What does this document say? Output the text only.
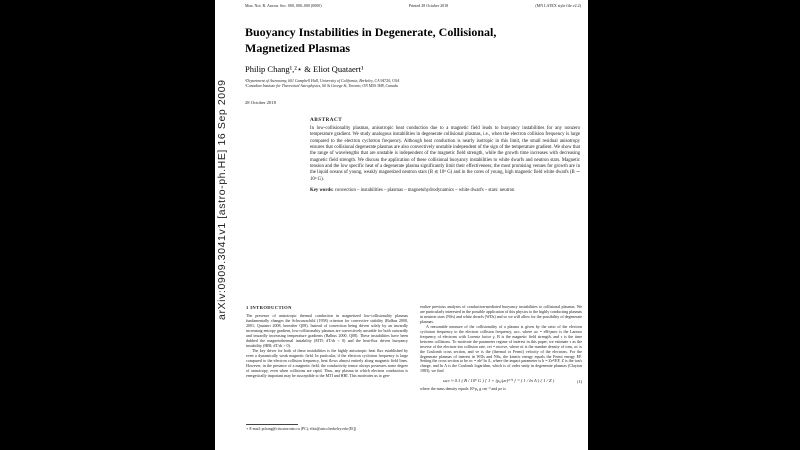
arXiv:0909.3041v1 [astro-ph.HE] 16 Sep 2009
Mon. Not. R. Astron. Soc. 000, 000–000 (0000)	Printed 28 October 2018	(MN LATEX style file v2.2)
Buoyancy Instabilities in Degenerate, Collisional,
Magnetized Plasmas
Philip Chang¹,²⋆ & Eliot Quataert¹
¹Department of Astronomy, 601 Campbell Hall, University of California, Berkeley, CA 94720, USA
²Canadian Institute for Theoretical Astrophysics, 60 St George St, Toronto, ON M5S 3H8, Canada
28 October 2018
ABSTRACT
In low-collisionality plasmas, anisotropic heat conduction due to a magnetic field leads to buoyancy instabilities for any nonzero temperature gradient. We study analogous instabilities in degenerate collisional plasmas, i.e., when the electron collision frequency is large compared to the electron cyclotron frequency. Although heat conduction is nearly isotropic in this limit, the small residual anisotropy ensures that collisional degenerate plasmas are also convectively unstable independent of the sign of the temperature gradient. We show that the range of wavelengths that are unstable is independent of the magnetic field strength, while the growth time increases with decreasing magnetic field strength. We discuss the application of these collisional buoyancy instabilities to white dwarfs and neutron stars. Magnetic tension and the low specific heat of a degenerate plasma significantly limit their effectiveness; the most promising venues for growth are in the liquid oceans of young, weakly magnetized neutron stars (B ≲ 10⁹ G) and in the cores of young, high magnetic field white dwarfs (B ∼ 10⁹ G).
Key words: convection – instabilities – plasmas – magnetohydrodynamics – white dwarfs – stars: neutron
1 INTRODUCTION

The presence of anisotropic thermal conduction in magnetized low-collisionality plasmas fundamentally changes the Schwarzschild (1958) criterion for convective stability (Balbus 2000, 2001; Quataert 2008, hereafter Q08). Instead of convection being driven solely by an inwardly increasing entropy gradient, low-collisionality plasmas are convectively unstable for both outwardly and inwardly increasing temperature gradients (Balbus 2000, Q08). These instabilities have been dubbed the magnetothermal instability (MTI; dT/dr < 0) and the heat-flux driven buoyancy instability (HBI; dT/dr > 0).

The key driver for both of these instabilities is the highly anisotropic heat flux established by even a dynamically weak magnetic field. In particular, if the electron cyclotron frequency is large compared to the electron collision frequency, heat flows almost entirely along magnetic field lines. However, in the presence of a magnetic field, the conductivity tensor always possesses some degree of anisotropy, even when collisions are rapid. Thus, any plasma in which electron conduction is energetically important may be susceptible to the MTI and HBI. This motivates us to gen-

eralize previous analyses of conduction-mediated buoyancy instabilities to collisional plasmas. We are particularly interested in the possible application of this physics to the highly conducting plasmas in neutron stars (NSs) and white dwarfs (WDs) and so we will allow for the possibility of degenerate plasmas.

A reasonable measure of the collisionality of a plasma is given by the ratio of the electron cyclotron frequency to the electron collision frequency, ωcτ, where ωc = eB/γmec is the Larmor frequency of electrons with Lorentz factor γ, B is the magnetic field strength, and τ is the time between collisions. To motivate the parameter regime of interest in this paper, we estimate τ as the inverse of the electron-ion collision rate, νei = niσcve, where ni is the number density of ions, σc is the Coulomb cross section, and ve is the (thermal or Fermi) velocity of the electrons. For the degenerate plasmas of interest in WDs and NSs, the kinetic energy equals the Fermi energy EF. Setting the cross section to be σc = πb² ln Λ, where the impact parameter is b = Ze²/EF, Z is the ion's charge, and ln Λ is the Coulomb logarithm, which is of order unity in degenerate plasmas (Clayton 1983), we find

ωcτ ≈ 0.1 ( B / 10⁹ G ) [ 1 + (ρ₆/μe)²ᐟ³ ]⁻¹ ( 1 / ln Λ ) ( 1 / Z )	(1)

where the mass density equals 10⁶ρ₆ g cm⁻³ and μe is

⋆ E-mail: pchang@cita.utoronto.ca (PC); eliot@astro.berkeley.edu (EQ)
